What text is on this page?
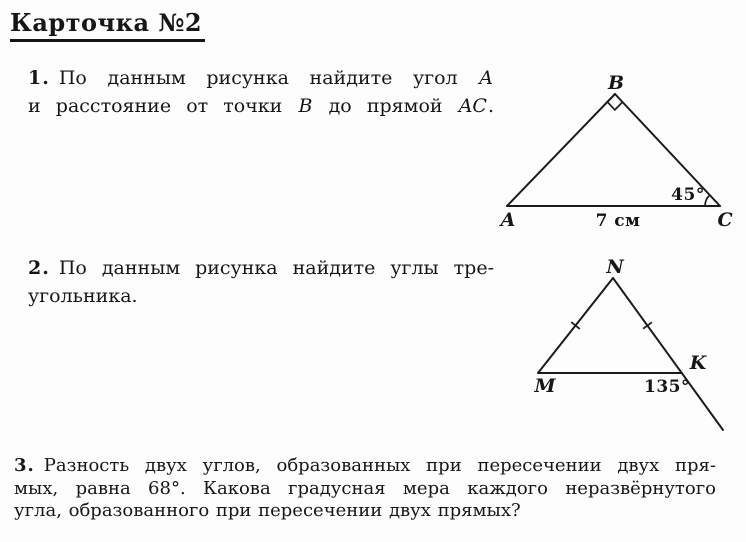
Карточка №2
1. По данным рисунка найдите угол A
и расстояние от точки B до прямой AC.
B
A	C
45°
7 см
2. По данным рисунка найдите углы тре-
угольника.
N
M
K
135°
3. Разность двух углов, образованных при пересечении двух пря-
мых, равна 68°. Какова градусная мера каждого неразвёрнутого
угла, образованного при пересечении двух прямых?
